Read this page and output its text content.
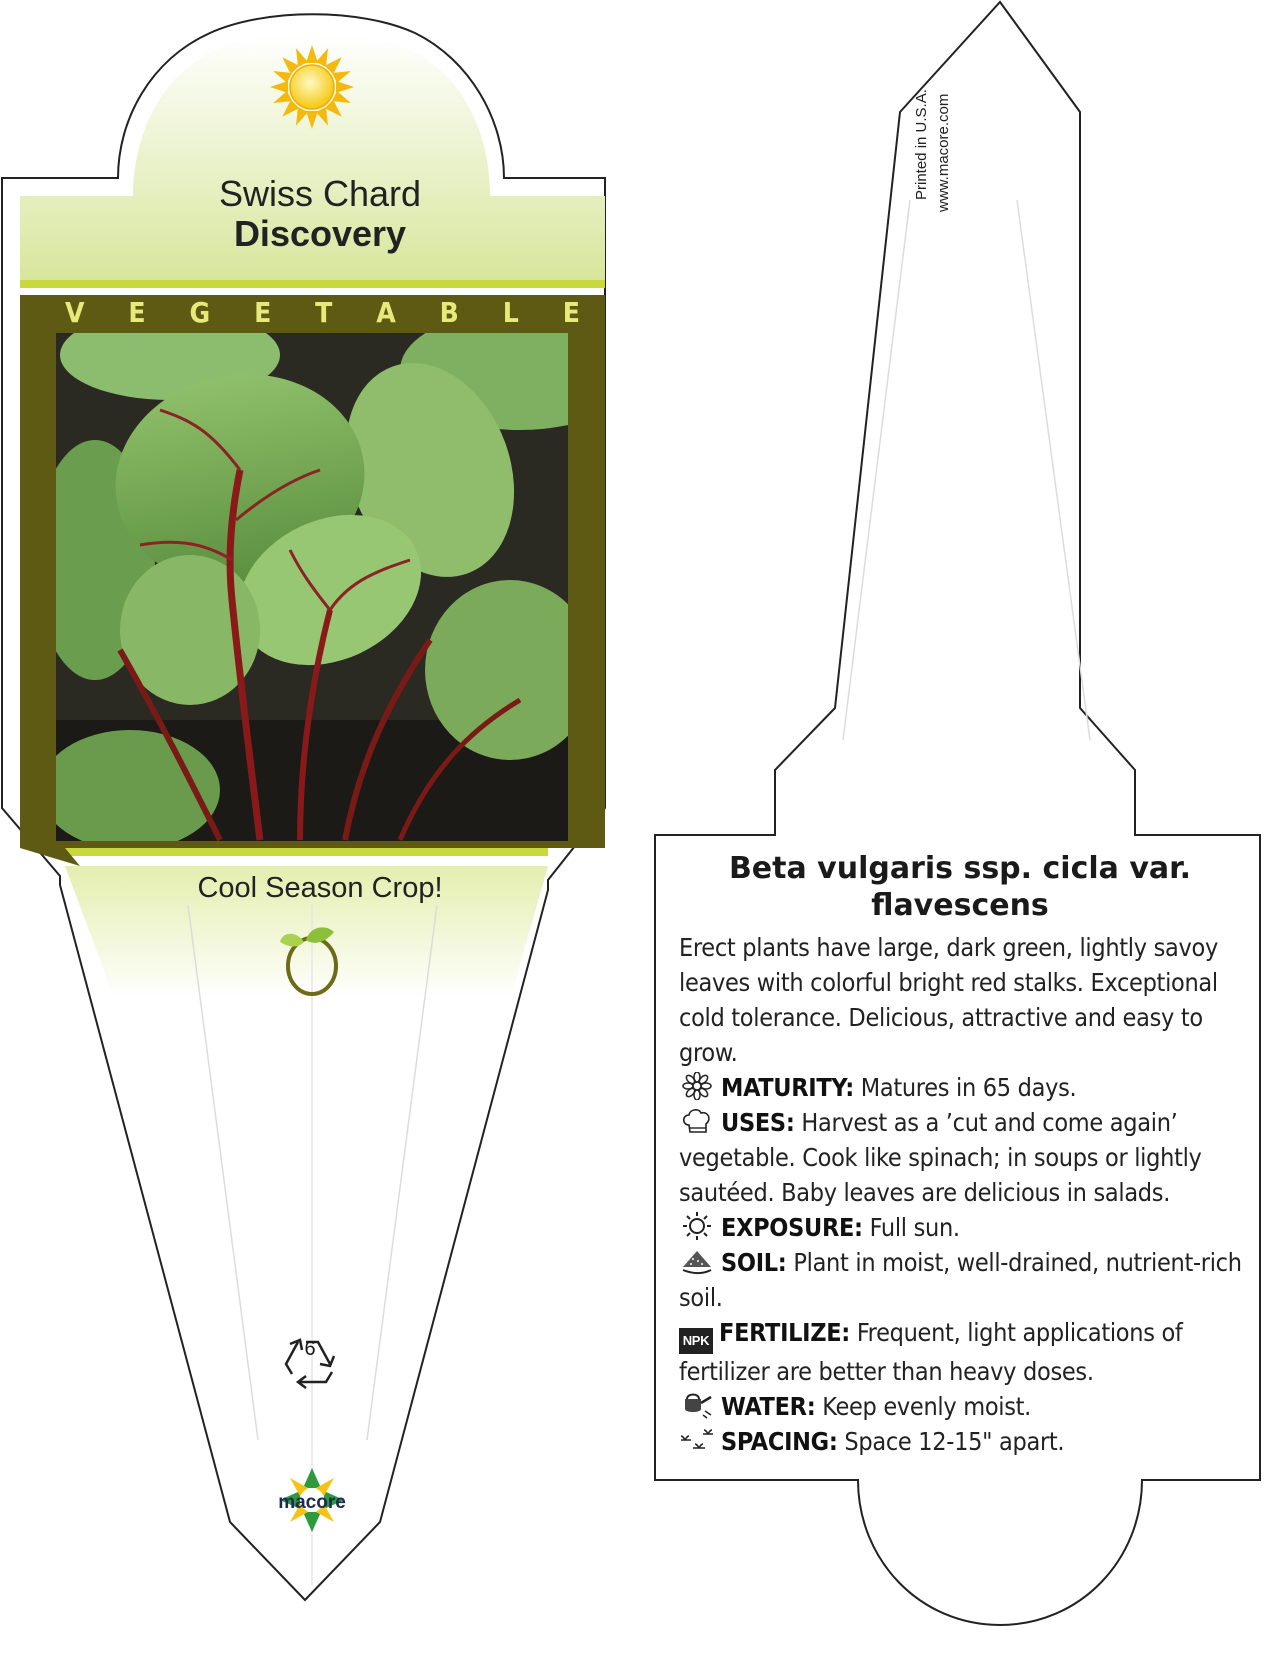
Swiss Chard
Discovery
V E G E T A B L E
Cool Season Crop!
6
macore
Printed in U.S.A. www.macore.com
Beta vulgaris ssp. cicla var. flavescens

Erect plants have large, dark green, lightly savoy leaves with colorful bright red stalks. Exceptional cold tolerance. Delicious, attractive and easy to grow.

MATURITY: Matures in 65 days.

USES: Harvest as a ’cut and come again’ vegetable. Cook like spinach; in soups or lightly sautéed. Baby leaves are delicious in salads.

EXPOSURE: Full sun.

SOIL: Plant in moist, well-drained, nutrient-rich soil.

NPK FERTILIZE: Frequent, light applications of fertilizer are better than heavy doses.

WATER: Keep evenly moist.

SPACING: Space 12-15" apart.
